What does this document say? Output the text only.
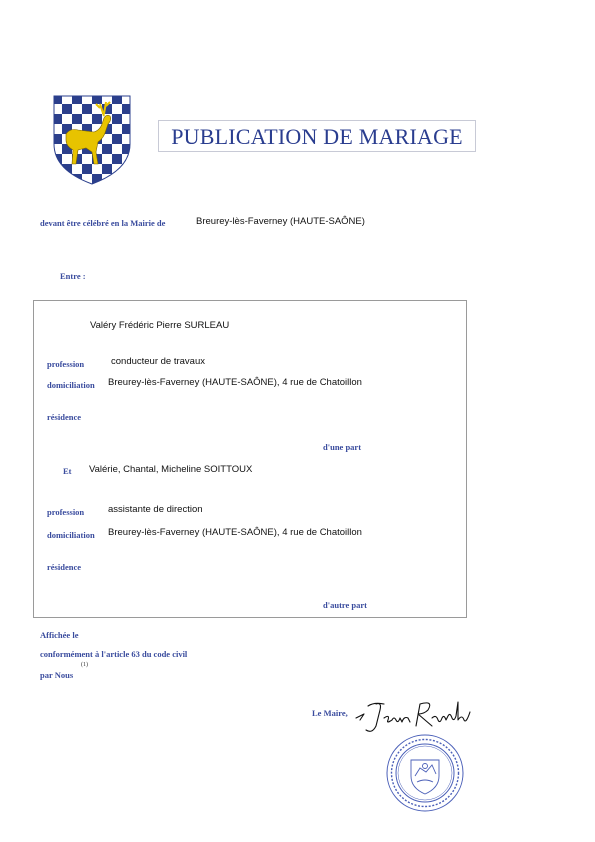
PUBLICATION DE MARIAGE
devant être célébré en la Mairie de	Breurey-lès-Faverney (HAUTE-SAÔNE)
Entre :
Valéry Frédéric Pierre SURLEAU
profession	conducteur de travaux
domiciliation Breurey-lès-Faverney (HAUTE-SAÔNE), 4 rue de Chatoillon
résidence
d'une part
Et Valérie, Chantal, Micheline SOITTOUX
profession	assistante de direction
domiciliation Breurey-lès-Faverney (HAUTE-SAÔNE), 4 rue de Chatoillon
résidence
d'autre part
Affichée le
conformément à l'article 63 du code civil
par Nous
(1)
Le Maire,
